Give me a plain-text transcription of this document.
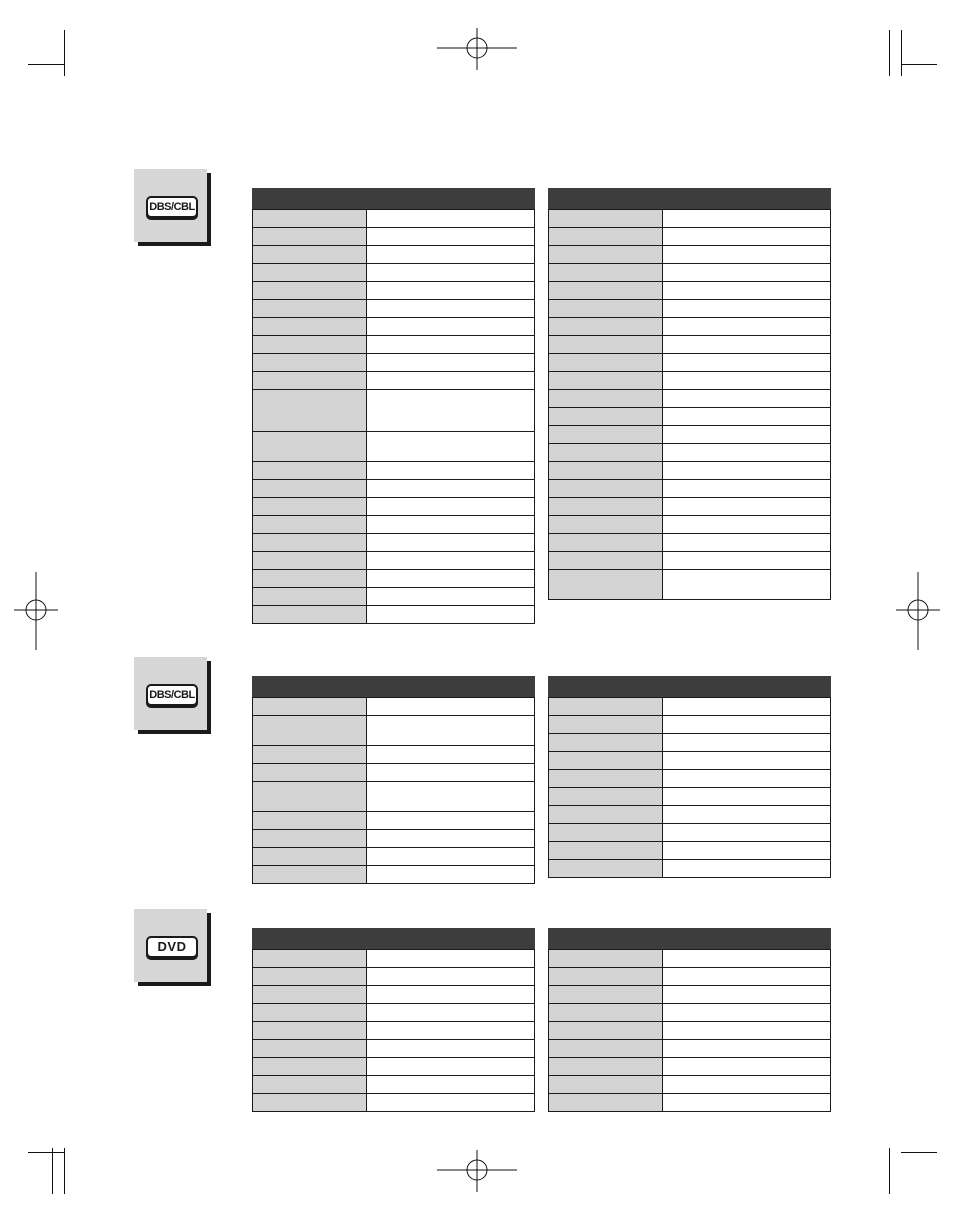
DBS/CBL
DBS/CBL
DVD
